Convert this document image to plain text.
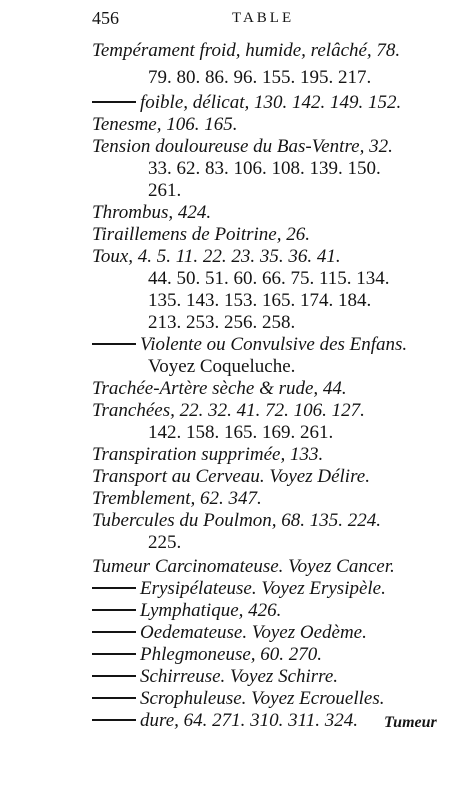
456	TABLE
Tempérament froid, humide, relâché, 78.
79. 80. 86. 96. 155. 195. 217.
foible, délicat, 130. 142. 149. 152.
Tenesme, 106. 165.
Tension douloureuse du Bas-Ventre, 32.
33. 62. 83. 106. 108. 139. 150.
261.
Thrombus, 424.
Tiraillemens de Poitrine, 26.
Toux, 4. 5. 11. 22. 23. 35. 36. 41.
44. 50. 51. 60. 66. 75. 115. 134.
135. 143. 153. 165. 174. 184.
213. 253. 256. 258.
Violente ou Convulsive des Enfans.
Voyez Coqueluche.
Trachée-Artère sèche & rude, 44.
Tranchées, 22. 32. 41. 72. 106. 127.
142. 158. 165. 169. 261.
Transpiration supprimée, 133.
Transport au Cerveau. Voyez Délire.
Tremblement, 62. 347.
Tubercules du Poulmon, 68. 135. 224.
225.
Tumeur Carcinomateuse. Voyez Cancer.
Erysipélateuse. Voyez Erysipèle.
Lymphatique, 426.
Oedemateuse. Voyez Oedème.
Phlegmoneuse, 60. 270.
Schirreuse. Voyez Schirre.
Scrophuleuse. Voyez Ecrouelles.
dure, 64. 271. 310. 311. 324. Tumeur
